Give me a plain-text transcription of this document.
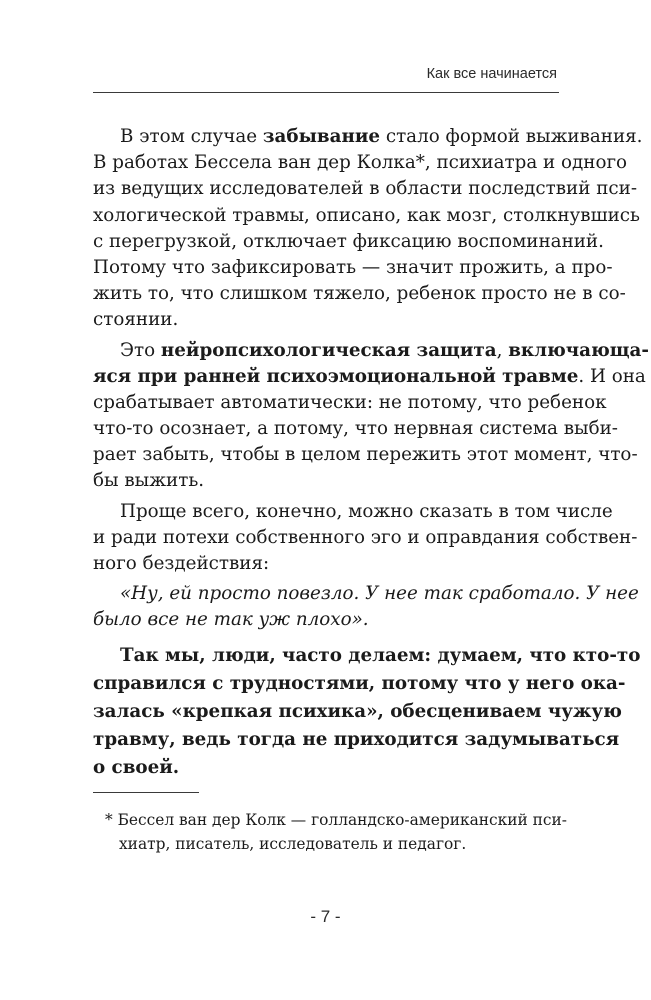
Как все начинается
В этом случае забывание стало формой выживания.
В работах Бессела ван дер Колка*, психиатра и одного
из ведущих исследователей в области последствий пси-
хологической травмы, описано, как мозг, столкнувшись
с перегрузкой, отключает фиксацию воспоминаний.
Потому что зафиксировать — значит прожить, а про-
жить то, что слишком тяжело, ребенок просто не в со-
стоянии.
Это нейропсихологическая защита, включающа-
яся при ранней психоэмоциональной травме. И она
срабатывает автоматически: не потому, что ребенок
что-то осознает, а потому, что нервная система выби-
рает забыть, чтобы в целом пережить этот момент, что-
бы выжить.
Проще всего, конечно, можно сказать в том числе
и ради потехи собственного эго и оправдания собствен-
ного бездействия:
«Ну, ей просто повезло. У нее так сработало. У нее
было все не так уж плохо».
Так мы, люди, часто делаем: думаем, что кто-то
справился с трудностями, потому что у него ока-
залась «крепкая психика», обесцениваем чужую
травму, ведь тогда не приходится задумываться
о своей.
* Бессел ван дер Колк — голландско-американский пси-
хиатр, писатель, исследователь и педагог.
- 7 -
